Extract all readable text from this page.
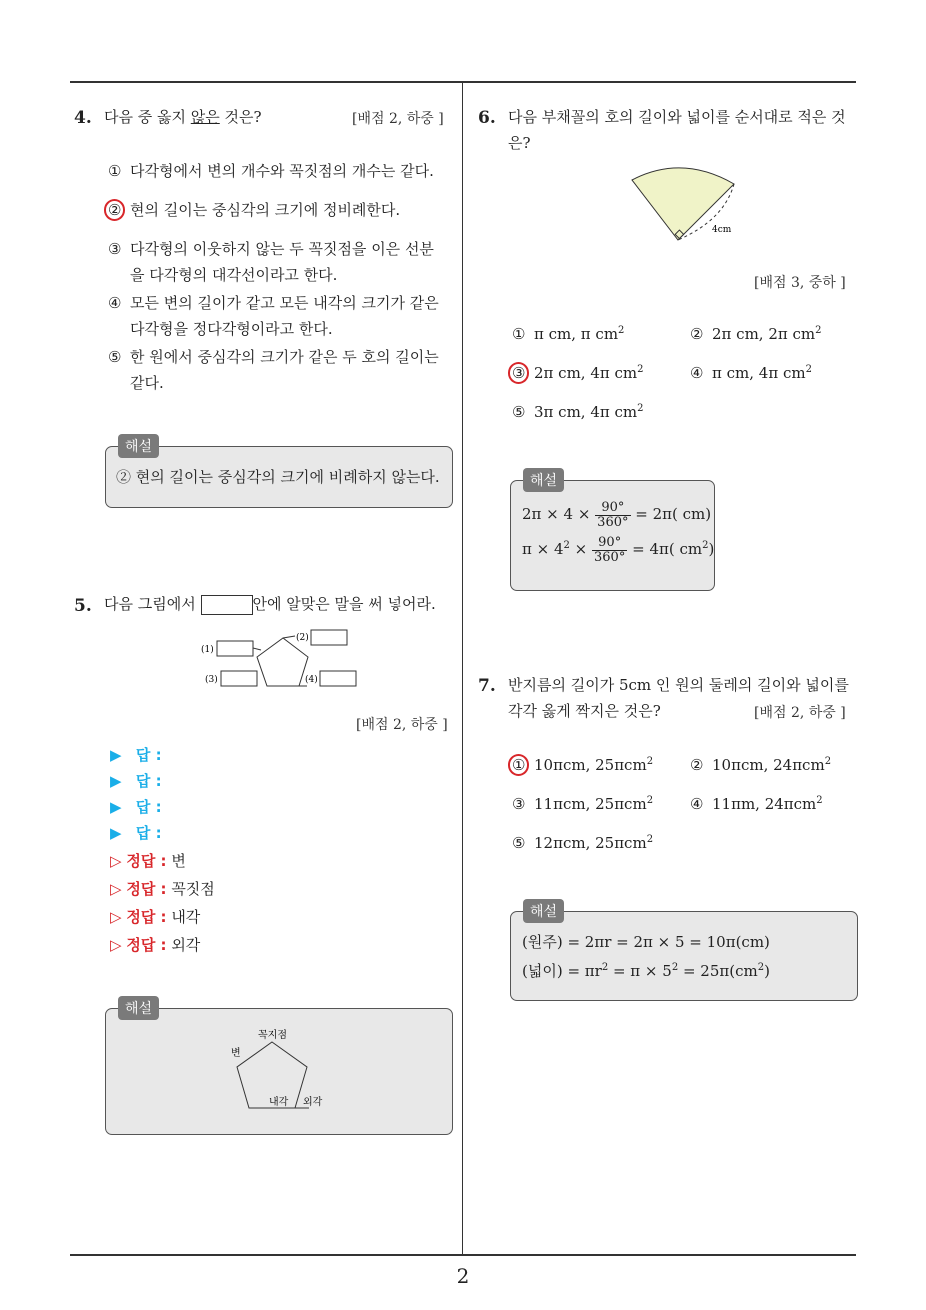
2
4. 다음 중 옳지 않은 것은?	[배점 2, 하중 ]
① 다각형에서 변의 개수와 꼭짓점의 개수는 같다.
② 현의 길이는 중심각의 크기에 정비례한다.
③ 다각형의 이웃하지 않는 두 꼭짓점을 이은 선분
을 다각형의 대각선이라고 한다.
④ 모든 변의 길이가 같고 모든 내각의 크기가 같은
다각형을 정다각형이라고 한다.
⑤ 한 원에서 중심각의 크기가 같은 두 호의 길이는
같다.
해설
② 현의 길이는 중심각의 크기에 비례하지 않는다.
5. 다음 그림에서	안에 알맞은 말을 써 넣어라.
(1)
(2)
(3)	(4)
[배점 2, 하중 ]
▶ 답 :
▶ 답 :
▶ 답 :
▶ 답 :
▷ 정답 : 변
▷ 정답 : 꼭짓점
▷ 정답 : 내각
▷ 정답 : 외각
해설
꼭지점
변
내각 외각
6. 다음 부채꼴의 호의 길이와 넓이를 순서대로 적은 것
은?
4cm
[배점 3, 중하 ]
① π cm, π $cm^2$	② 2π cm, 2π $cm^2$
③ 2π cm, 4π $cm^2$	④ π cm, 4π $cm^2$
⑤ 3π cm, 4π $cm^2$
해설
$2\pi \times 4 \times \frac{90^\circ}{360^\circ} = 2\pi$( cm)
$\pi \times 4^2 \times \frac{90^\circ}{360^\circ} = 4\pi$( $cm^2$)
7. 반지름의 길이가 5cm 인 원의 둘레의 길이와 넓이를
각각 옳게 짝지은 것은?	[배점 2, 하중 ]
① 10πcm, 25πcm$^2$ ② 10πcm, 24πcm$^2$
③ 11πcm, 25πcm$^2$ ④ 11πm, 24πcm$^2$
⑤ 12πcm, 25πcm$^2$
해설
(원주) = 2πr = 2π × 5 = 10π(cm)
(넓이) = $\pi r^2 = \pi \times 5^2 = 25\pi(cm^2)$
